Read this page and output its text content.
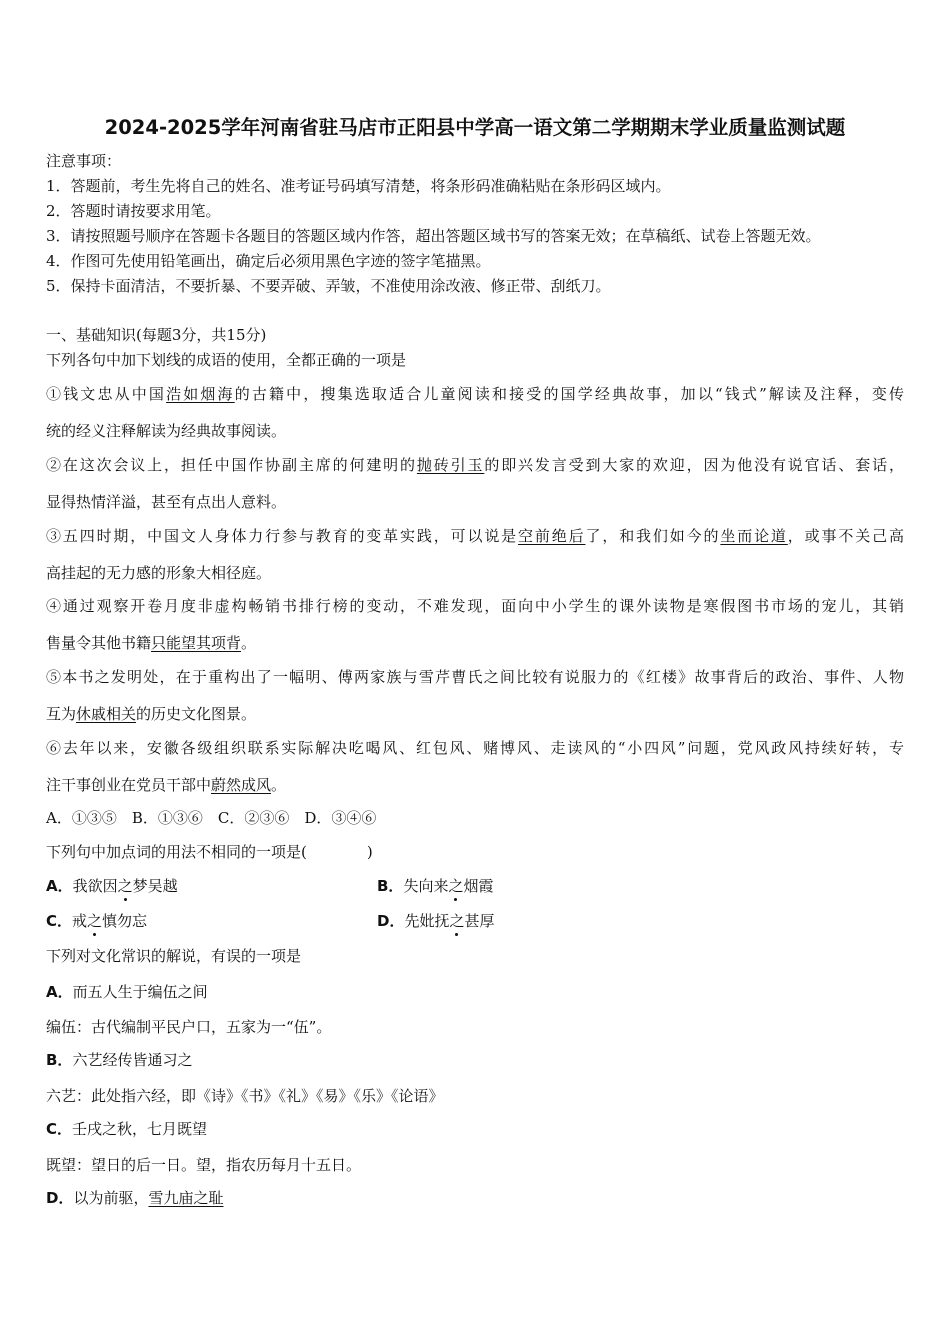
2024-2025学年河南省驻马店市正阳县中学高一语文第二学期期末学业质量监测试题
注意事项：
1．答题前，考生先将自己的姓名、准考证号码填写清楚，将条形码准确粘贴在条形码区域内。
2．答题时请按要求用笔。
3．请按照题号顺序在答题卡各题目的答题区域内作答，超出答题区域书写的答案无效；在草稿纸、试卷上答题无效。
4．作图可先使用铅笔画出，确定后必须用黑色字迹的签字笔描黑。
5．保持卡面清洁，不要折暴、不要弄破、弄皱，不准使用涂改液、修正带、刮纸刀。
一、基础知识(每题3分，共15分)
下列各句中加下划线的成语的使用，全都正确的一项是
①钱文忠从中国浩如烟海的古籍中，搜集选取适合儿童阅读和接受的国学经典故事，加以“钱式”解读及注释，变传
统的经义注释解读为经典故事阅读。
②在这次会议上，担任中国作协副主席的何建明的抛砖引玉的即兴发言受到大家的欢迎，因为他没有说官话、套话，
显得热情洋溢，甚至有点出人意料。
③五四时期，中国文人身体力行参与教育的变革实践，可以说是空前绝后了，和我们如今的坐而论道，或事不关己高
高挂起的无力感的形象大相径庭。
④通过观察开卷月度非虚构畅销书排行榜的变动，不难发现，面向中小学生的课外读物是寒假图书市场的宠儿，其销
售量令其他书籍只能望其项背。
⑤本书之发明处，在于重构出了一幅明、傅两家族与雪芹曹氏之间比较有说服力的《红楼》故事背后的政治、事件、人物
互为休戚相关的历史文化图景。
⑥去年以来，安徽各级组织联系实际解决吃喝风、红包风、赌博风、走读风的“小四风”问题，党风政风持续好转，专
注干事创业在党员干部中蔚然成风。
A．①③⑤　B．①③⑥　C．②③⑥　D．③④⑥
下列句中加点词的用法不相同的一项是(　　　　)
A．我欲因之梦吴越	B．失向来之烟霞
C．戒之慎勿忘	D．先妣抚之甚厚
下列对文化常识的解说，有误的一项是
A．而五人生于编伍之间
编伍：古代编制平民户口，五家为一“伍”。
B．六艺经传皆通习之
六艺：此处指六经，即《诗》《书》《礼》《易》《乐》《论语》
C．壬戌之秋，七月既望
既望：望日的后一日。望，指农历每月十五日。
D．以为前驱，雪九庙之耻
